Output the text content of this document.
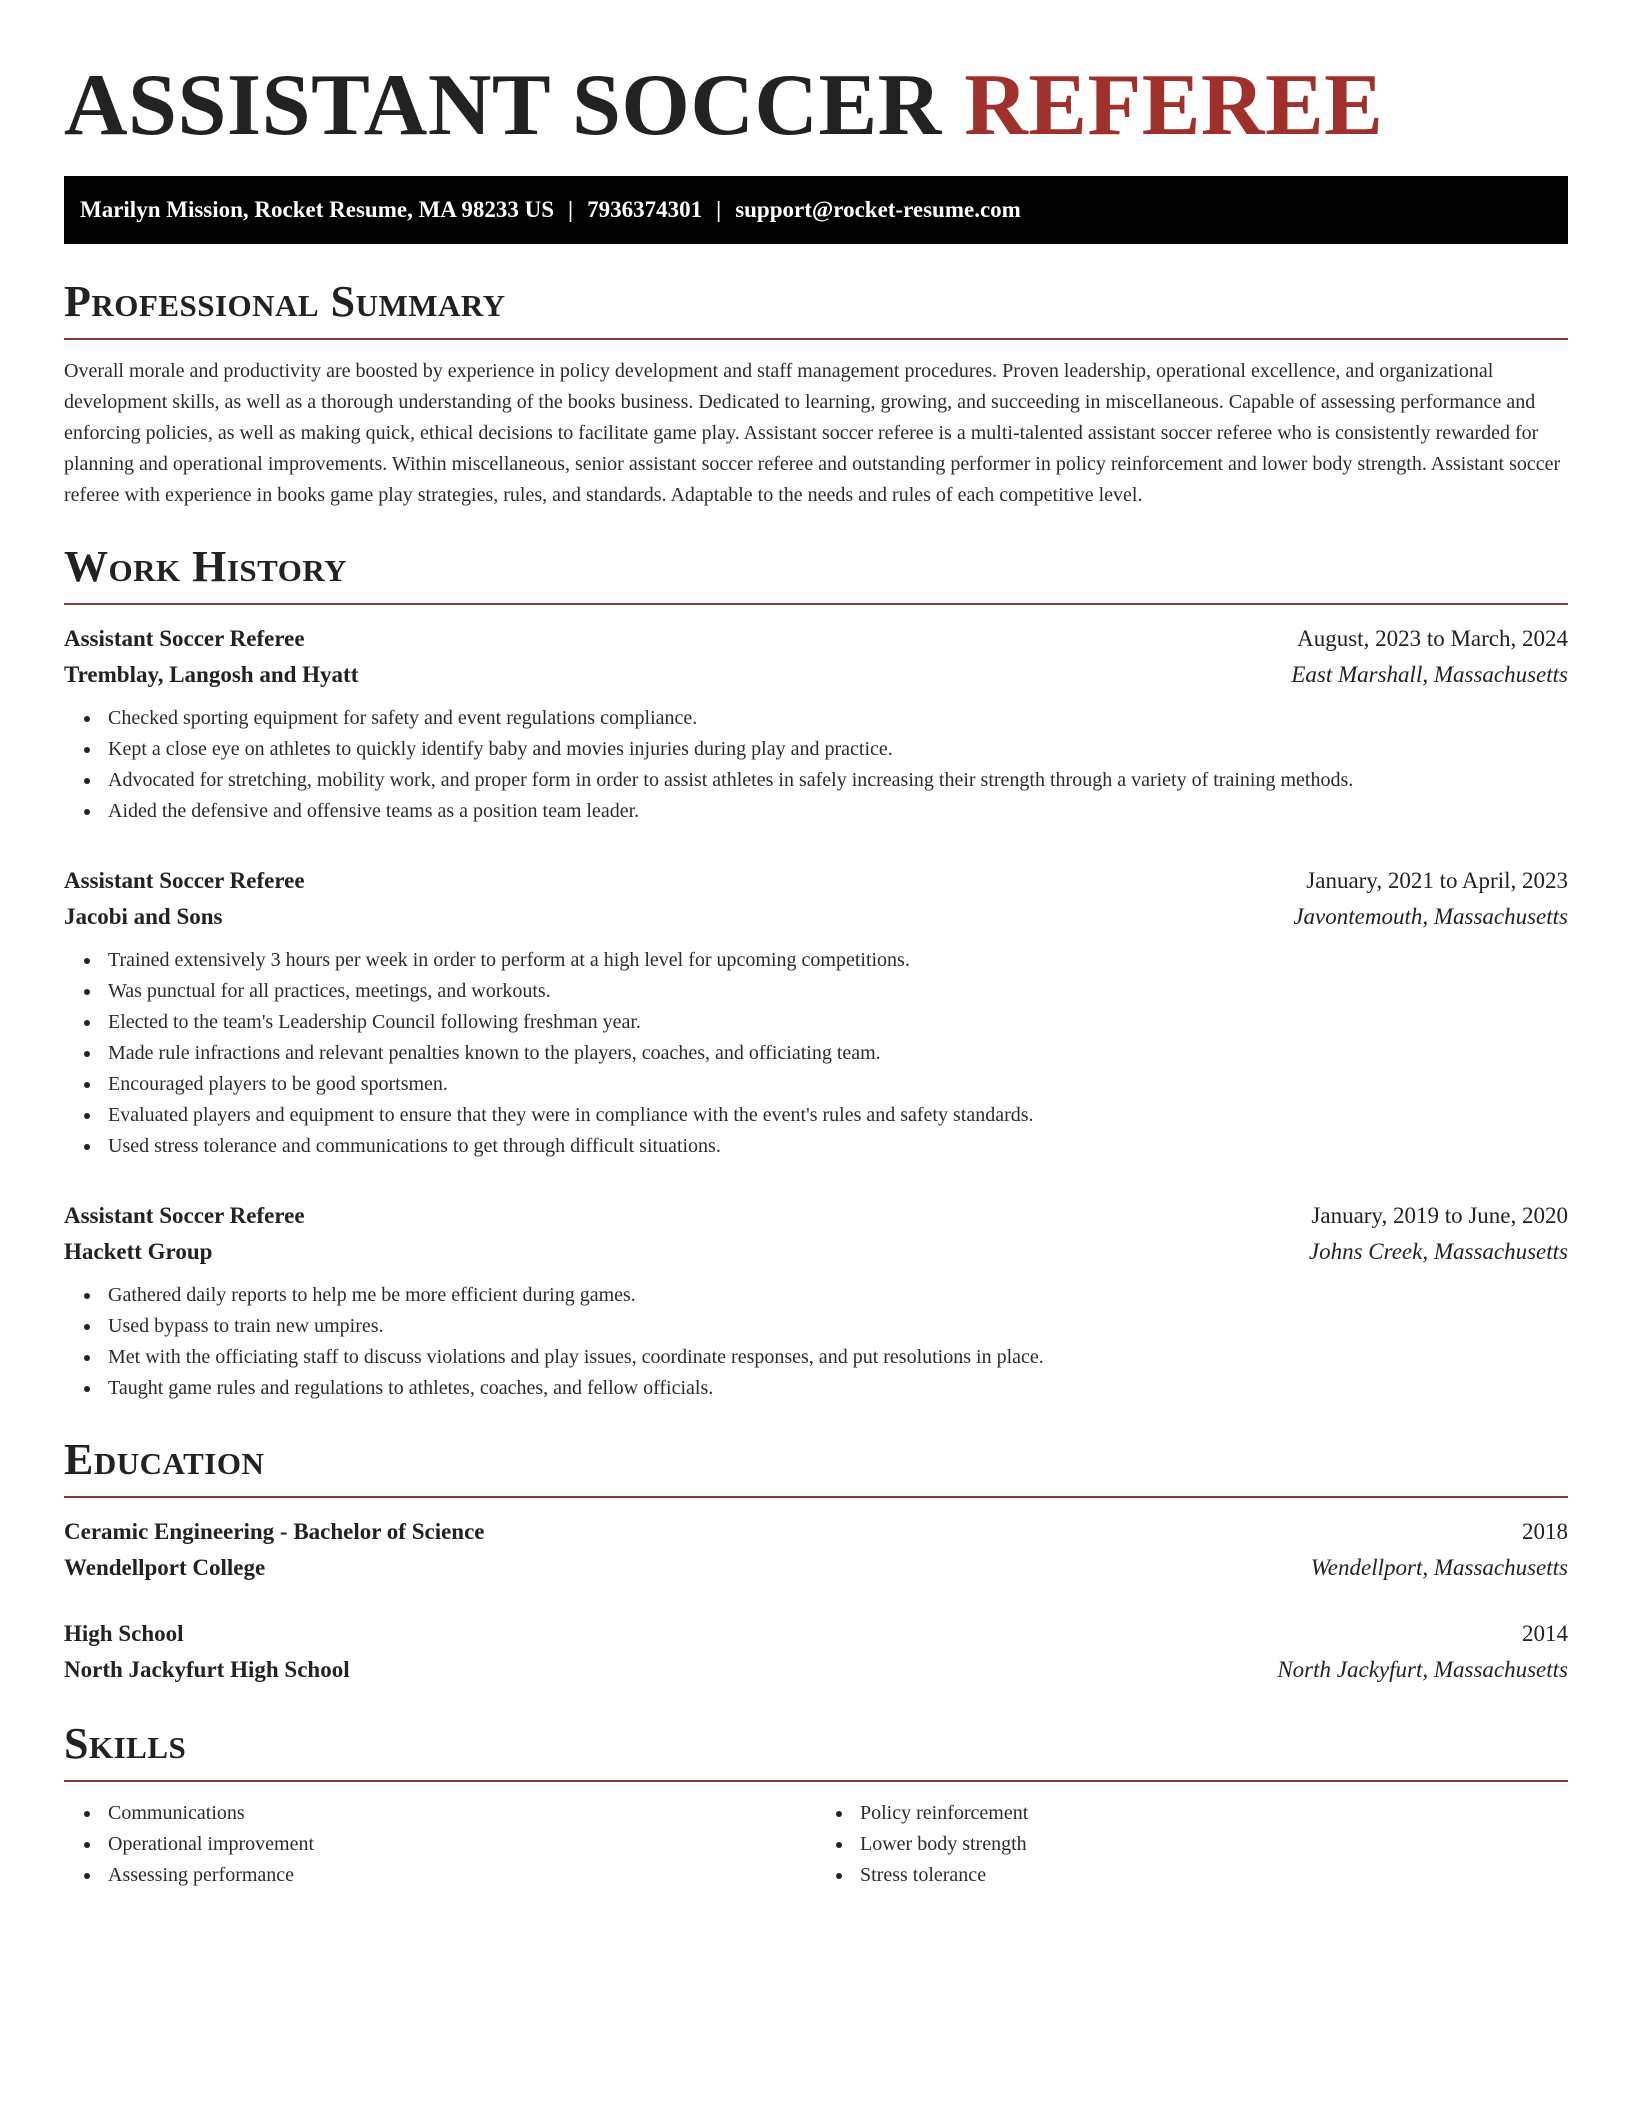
ASSISTANT SOCCER REFEREE
Marilyn Mission, Rocket Resume, MA 98233 US | 7936374301 | support@rocket-resume.com
Professional Summary

Overall morale and productivity are boosted by experience in policy development and staff management procedures. Proven leadership, operational excellence, and organizational development skills, as well as a thorough understanding of the books business. Dedicated to learning, growing, and succeeding in miscellaneous. Capable of assessing performance and enforcing policies, as well as making quick, ethical decisions to facilitate game play. Assistant soccer referee is a multi-talented assistant soccer referee who is consistently rewarded for planning and operational improvements. Within miscellaneous, senior assistant soccer referee and outstanding performer in policy reinforcement and lower body strength. Assistant soccer referee with experience in books game play strategies, rules, and standards. Adaptable to the needs and rules of each competitive level.

Work History
Assistant Soccer Referee	August, 2023 to March, 2024
Tremblay, Langosh and Hyatt	East Marshall, Massachusetts
Checked sporting equipment for safety and event regulations compliance.
Kept a close eye on athletes to quickly identify baby and movies injuries during play and practice.
Advocated for stretching, mobility work, and proper form in order to assist athletes in safely increasing their strength through a variety of training methods.
Aided the defensive and offensive teams as a position team leader.
Assistant Soccer Referee	January, 2021 to April, 2023
Jacobi and Sons	Javontemouth, Massachusetts
Trained extensively 3 hours per week in order to perform at a high level for upcoming competitions.
Was punctual for all practices, meetings, and workouts.
Elected to the team's Leadership Council following freshman year.
Made rule infractions and relevant penalties known to the players, coaches, and officiating team.
Encouraged players to be good sportsmen.
Evaluated players and equipment to ensure that they were in compliance with the event's rules and safety standards.
Used stress tolerance and communications to get through difficult situations.
Assistant Soccer Referee	January, 2019 to June, 2020
Hackett Group	Johns Creek, Massachusetts
Gathered daily reports to help me be more efficient during games.
Used bypass to train new umpires.
Met with the officiating staff to discuss violations and play issues, coordinate responses, and put resolutions in place.
Taught game rules and regulations to athletes, coaches, and fellow officials.
Education
Ceramic Engineering - Bachelor of Science	2018
Wendellport College	Wendellport, Massachusetts
High School	2014
North Jackyfurt High School	North Jackyfurt, Massachusetts
Skills
Communications
Operational improvement
Assessing performance
Policy reinforcement
Lower body strength
Stress tolerance
